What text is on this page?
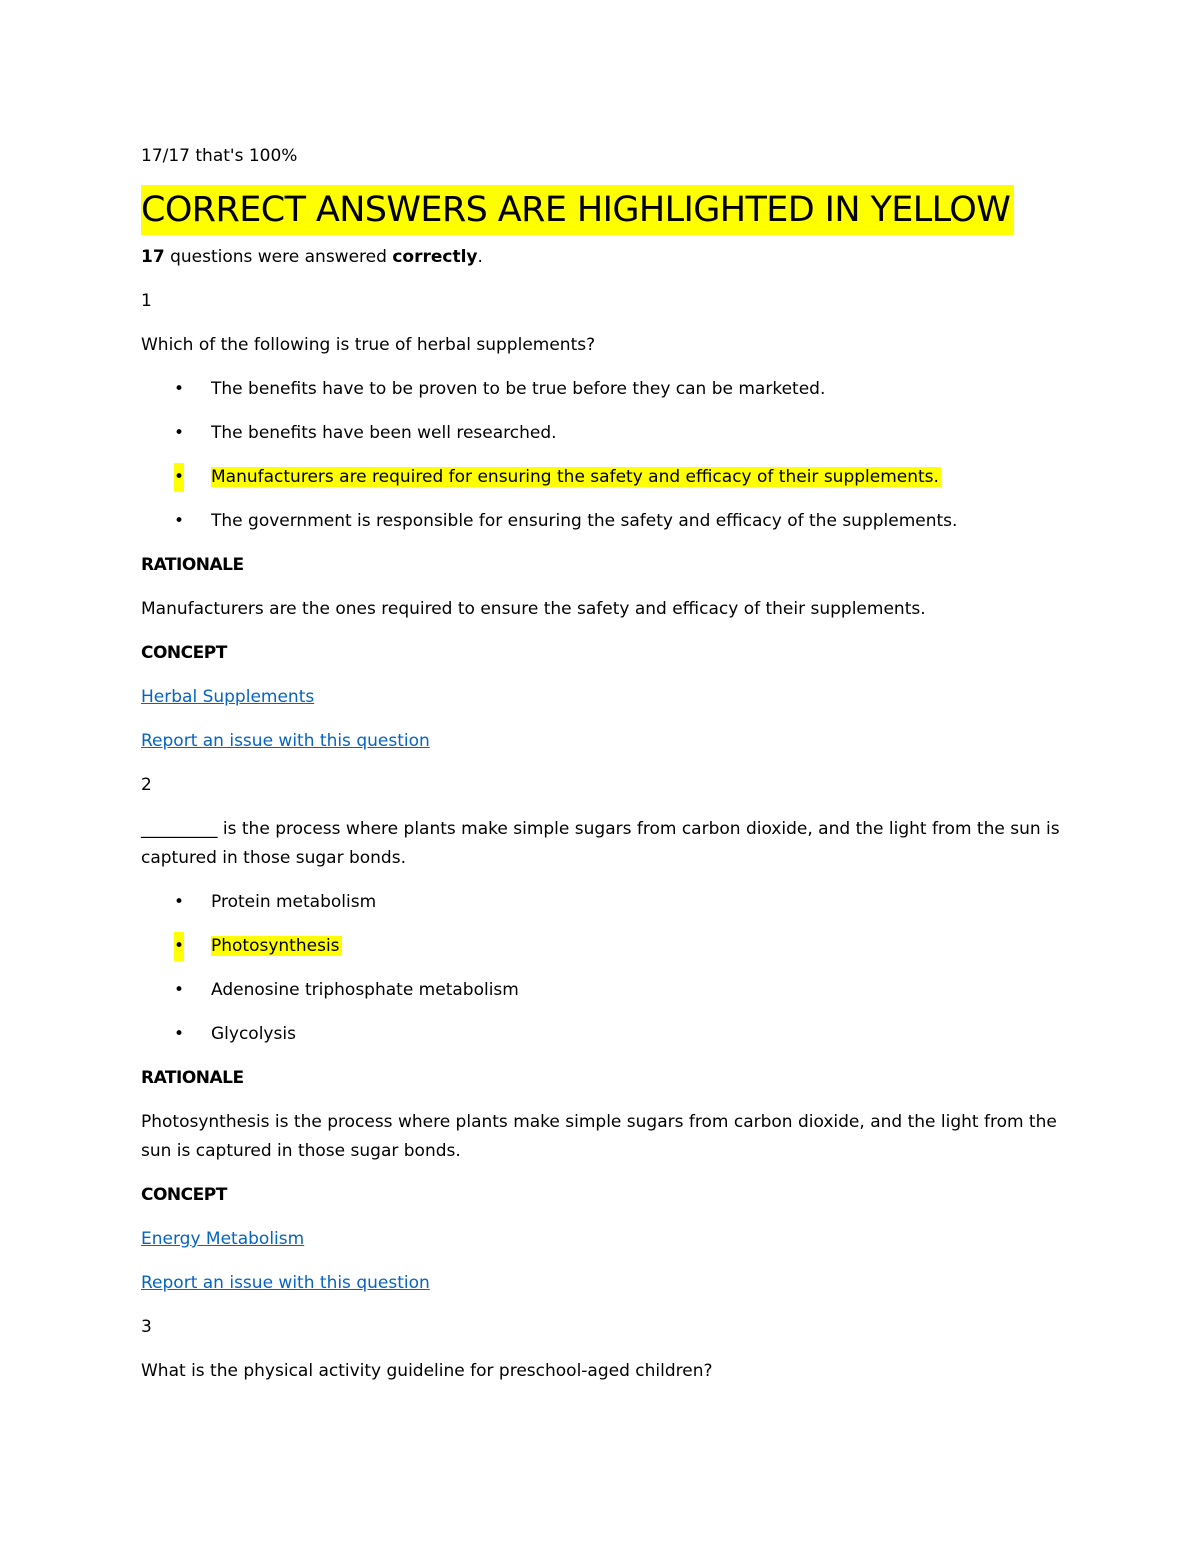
17/17 that's 100%

CORRECT ANSWERS ARE HIGHLIGHTED IN YELLOW

17 questions were answered correctly.

1

Which of the following is true of herbal supplements?

• The benefits have to be proven to be true before they can be marketed.
• The benefits have been well researched.
• Manufacturers are required for ensuring the safety and efficacy of their supplements.
• The government is responsible for ensuring the safety and efficacy of the supplements.

RATIONALE

Manufacturers are the ones required to ensure the safety and efficacy of their supplements.

CONCEPT

Herbal Supplements

Report an issue with this question

2

_________ is the process where plants make simple sugars from carbon dioxide, and the light from the sun is captured in those sugar bonds.

• Protein metabolism
• Photosynthesis
• Adenosine triphosphate metabolism
• Glycolysis

RATIONALE

Photosynthesis is the process where plants make simple sugars from carbon dioxide, and the light from the sun is captured in those sugar bonds.

CONCEPT

Energy Metabolism

Report an issue with this question

3

What is the physical activity guideline for preschool-aged children?
